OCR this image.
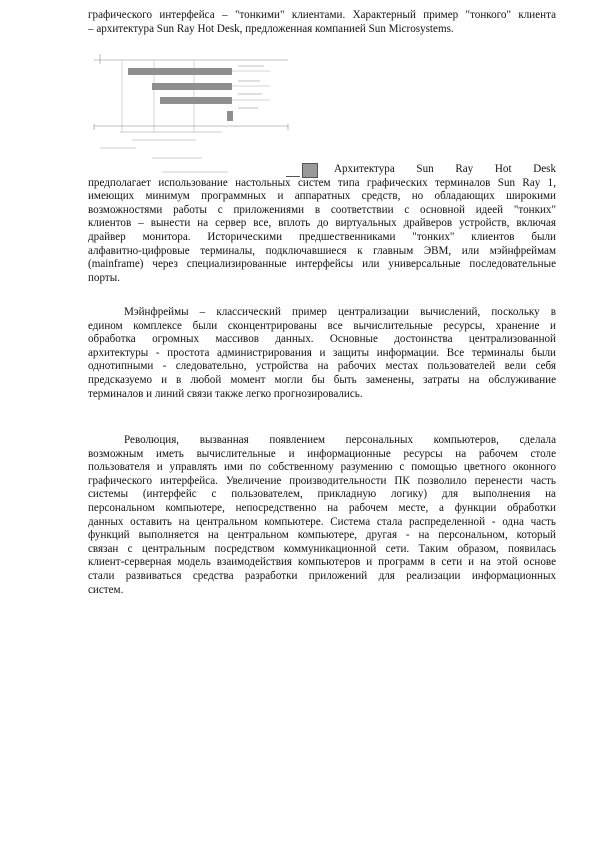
графического интерфейса – "тонкими" клиентами. Характерный пример "тонкого" клиента
– архитектура Sun Ray Hot Desk, предложенная компанией Sun Microsystems.

Архитектура Sun Ray Hot Desk
предполагает использование настольных систем типа графических терминалов Sun Ray 1,
имеющих минимум программных и аппаратных средств, но обладающих широкими
возможностями работы с приложениями в соответствии с основной идеей "тонких"
клиентов – вынести на сервер все, вплоть до виртуальных драйверов устройств, включая
драйвер монитора. Историческими предшественниками "тонких" клиентов были
алфавитно-цифровые терминалы, подключавшиеся к главным ЭВМ, или мэйнфреймам
(mainframe) через специализированные интерфейсы или универсальные последовательные
порты.

Мэйнфреймы – классический пример централизации вычислений, поскольку в
едином комплексе были сконцентрированы все вычислительные ресурсы, хранение и
обработка огромных массивов данных. Основные достоинства централизованной
архитектуры - простота администрирования и защиты информации. Все терминалы были
однотипными - следовательно, устройства на рабочих местах пользователей вели себя
предсказуемо и в любой момент могли бы быть заменены, затраты на обслуживание
терминалов и линий связи также легко прогнозировались.

Революция, вызванная появлением персональных компьютеров, сделала
возможным иметь вычислительные и информационные ресурсы на рабочем столе
пользователя и управлять ими по собственному разумению с помощью цветного оконного
графического интерфейса. Увеличение производительности ПК позволило перенести часть
системы (интерфейс с пользователем, прикладную логику) для выполнения на
персональном компьютере, непосредственно на рабочем месте, а функции обработки
данных оставить на центральном компьютере. Система стала распределенной - одна часть
функций выполняется на центральном компьютере, другая - на персональном, который
связан с центральным посредством коммуникационной сети. Таким образом, появилась
клиент-серверная модель взаимодействия компьютеров и программ в сети и на этой основе
стали развиваться средства разработки приложений для реализации информационных
систем.
